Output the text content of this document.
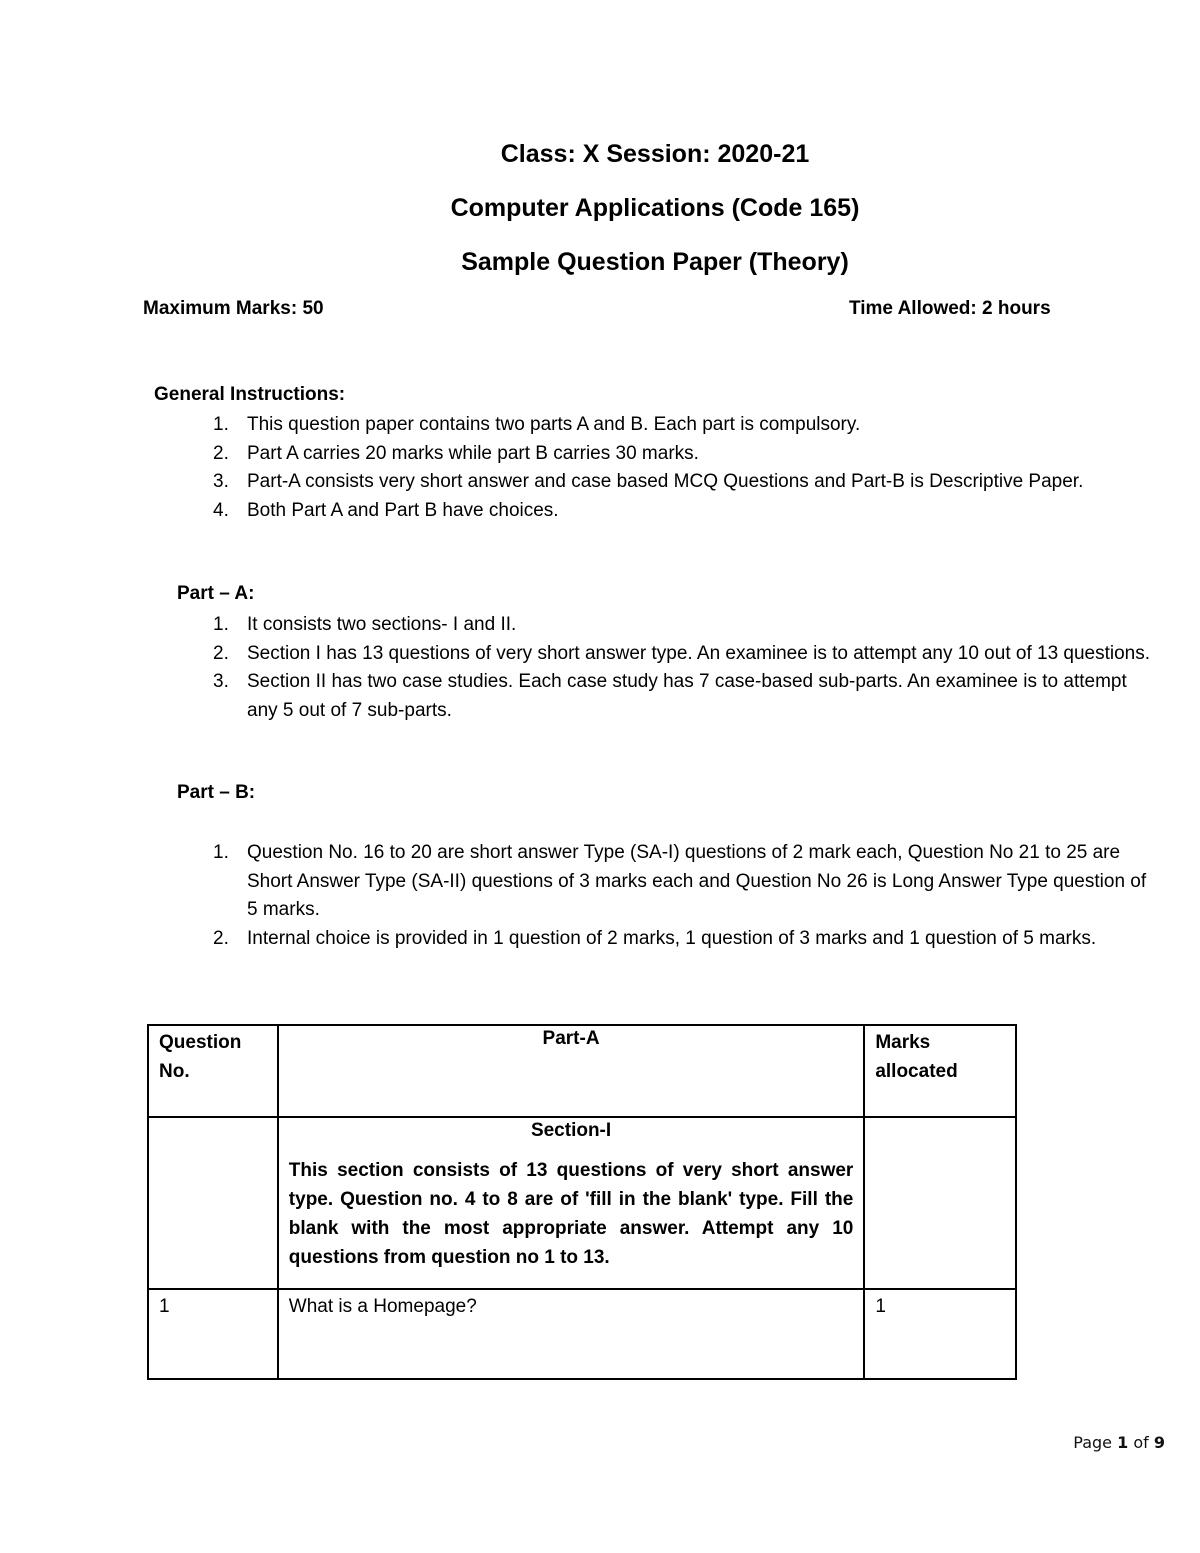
Class: X Session: 2020-21
Computer Applications (Code 165)
Sample Question Paper (Theory)
Maximum Marks: 50	Time Allowed: 2 hours
General Instructions:
1. This question paper contains two parts A and B. Each part is compulsory.
2. Part A carries 20 marks while part B carries 30 marks.
3. Part-A consists very short answer and case based MCQ Questions and Part-B is Descriptive Paper.
4. Both Part A and Part B have choices.
Part – A:
1. It consists two sections- I and II.
2. Section I has 13 questions of very short answer type. An examinee is to attempt any 10 out of 13 questions.
3. Section II has two case studies. Each case study has 7 case-based sub-parts. An examinee is to attempt any 5 out of 7 sub-parts.
Part – B:
1. Question No. 16 to 20 are short answer Type (SA-I) questions of 2 mark each, Question No 21 to 25 are Short Answer Type (SA-II) questions of 3 marks each and Question No 26 is Long Answer Type question of 5 marks.
2. Internal choice is provided in 1 question of 2 marks, 1 question of 3 marks and 1 question of 5 marks.
Question No.	Part-A	Marks allocated

	Section-I
This section consists of 13 questions of very short answer type. Question no. 4 to 8 are of 'fill in the blank' type. Fill the blank with the most appropriate answer. Attempt any 10 questions from question no 1 to 13.	

1	What is a Homepage?	1
Page 1 of 9
